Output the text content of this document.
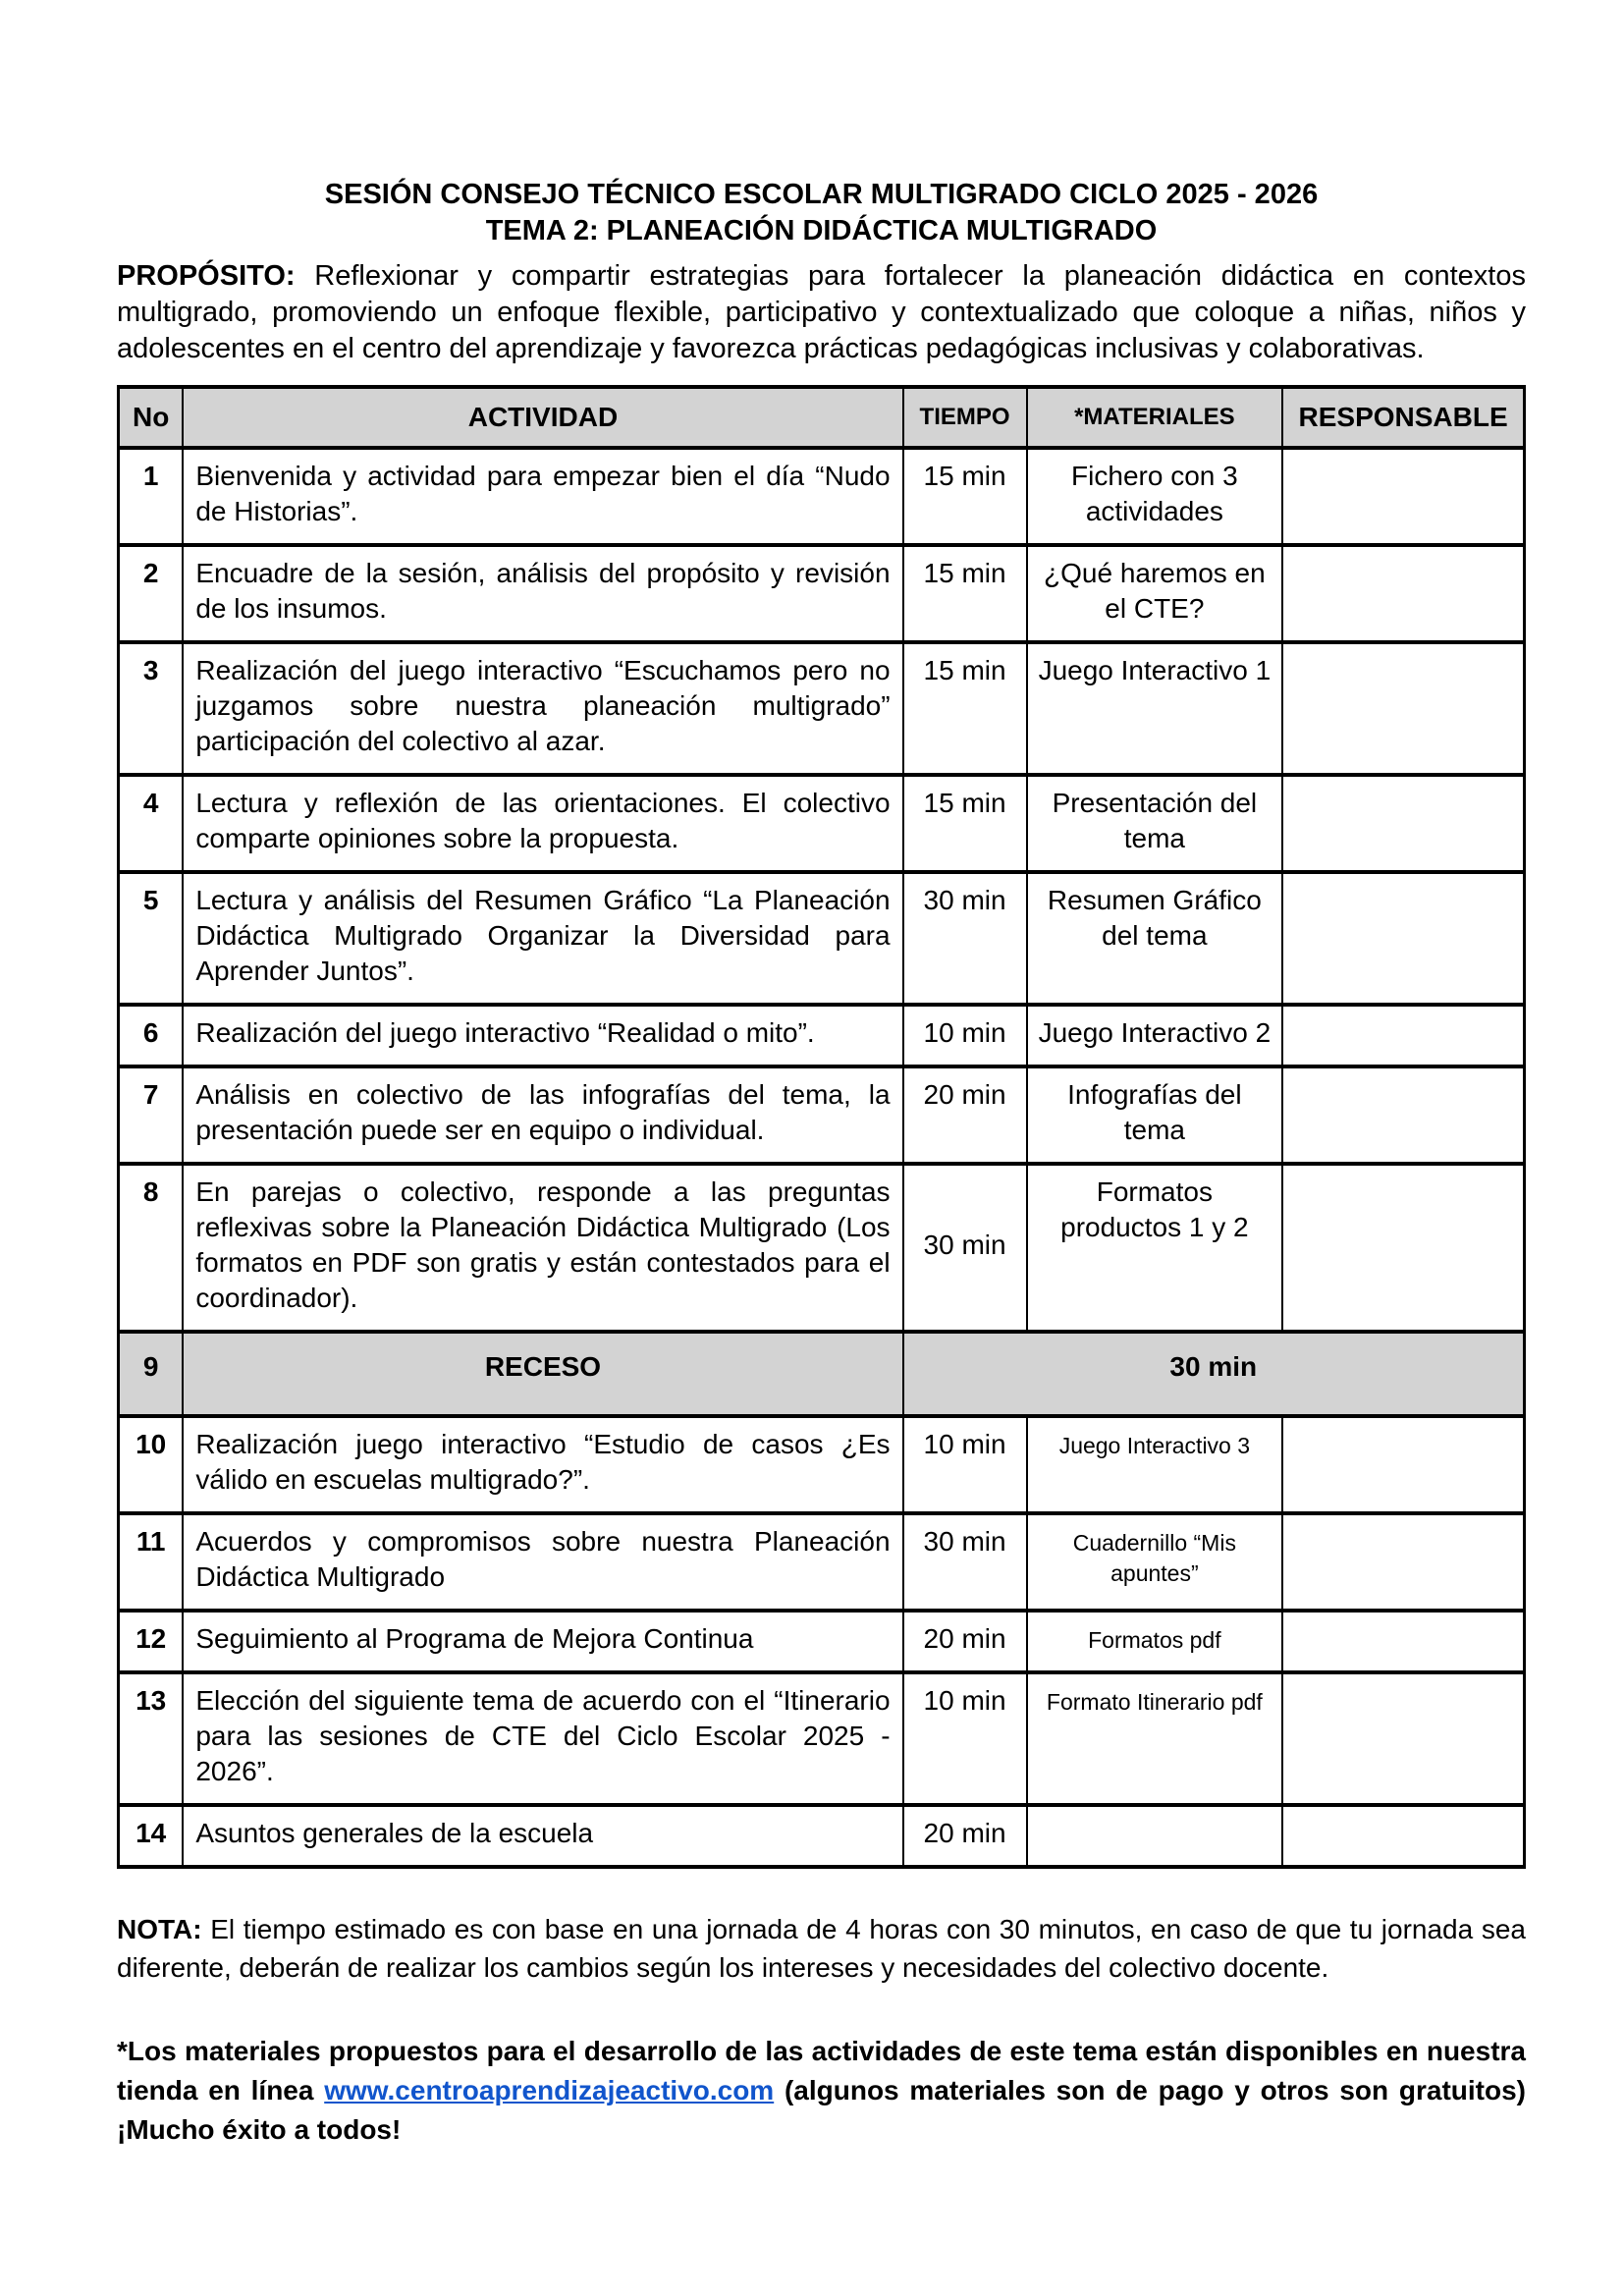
SESIÓN CONSEJO TÉCNICO ESCOLAR MULTIGRADO CICLO 2025 - 2026
TEMA 2: PLANEACIÓN DIDÁCTICA MULTIGRADO

PROPÓSITO: Reflexionar y compartir estrategias para fortalecer la planeación didáctica en contextos multigrado, promoviendo un enfoque flexible, participativo y contextualizado que coloque a niñas, niños y adolescentes en el centro del aprendizaje y favorezca prácticas pedagógicas inclusivas y colaborativas.

No	ACTIVIDAD	TIEMPO	*MATERIALES	RESPONSABLE
1	Bienvenida y actividad para empezar bien el día “Nudo de Historias”.	15 min	Fichero con 3 actividades	
2	Encuadre de la sesión, análisis del propósito y revisión de los insumos.	15 min	¿Qué haremos en el CTE?	
3	Realización del juego interactivo “Escuchamos pero no juzgamos sobre nuestra planeación multigrado” participación del colectivo al azar.	15 min	Juego Interactivo 1	
4	Lectura y reflexión de las orientaciones. El colectivo comparte opiniones sobre la propuesta.	15 min	Presentación del tema	
5	Lectura y análisis del Resumen Gráfico “La Planeación Didáctica Multigrado Organizar la Diversidad para Aprender Juntos”.	30 min	Resumen Gráfico del tema	
6	Realización del juego interactivo “Realidad o mito”.	10 min	Juego Interactivo 2	
7	Análisis en colectivo de las infografías del tema, la presentación puede ser en equipo o individual.	20 min	Infografías del tema	
8	En parejas o colectivo, responde a las preguntas reflexivas sobre la Planeación Didáctica Multigrado (Los formatos en PDF son gratis y están contestados para el coordinador).	30 min	Formatos productos 1 y 2	
9	RECESO	30 min		
10	Realización juego interactivo “Estudio de casos ¿Es válido en escuelas multigrado?”.	10 min	Juego Interactivo 3	
11	Acuerdos y compromisos sobre nuestra Planeación Didáctica Multigrado	30 min	Cuadernillo “Mis apuntes”	
12	Seguimiento al Programa de Mejora Continua	20 min	Formatos pdf	
13	Elección del siguiente tema de acuerdo con el “Itinerario para las sesiones de CTE del Ciclo Escolar 2025 - 2026”.	10 min	Formato Itinerario pdf	
14	Asuntos generales de la escuela	20 min		

NOTA: El tiempo estimado es con base en una jornada de 4 horas con 30 minutos, en caso de que tu jornada sea diferente, deberán de realizar los cambios según los intereses y necesidades del colectivo docente.

*Los materiales propuestos para el desarrollo de las actividades de este tema están disponibles en nuestra tienda en línea www.centroaprendizajeactivo.com (algunos materiales son de pago y otros son gratuitos) ¡Mucho éxito a todos!
